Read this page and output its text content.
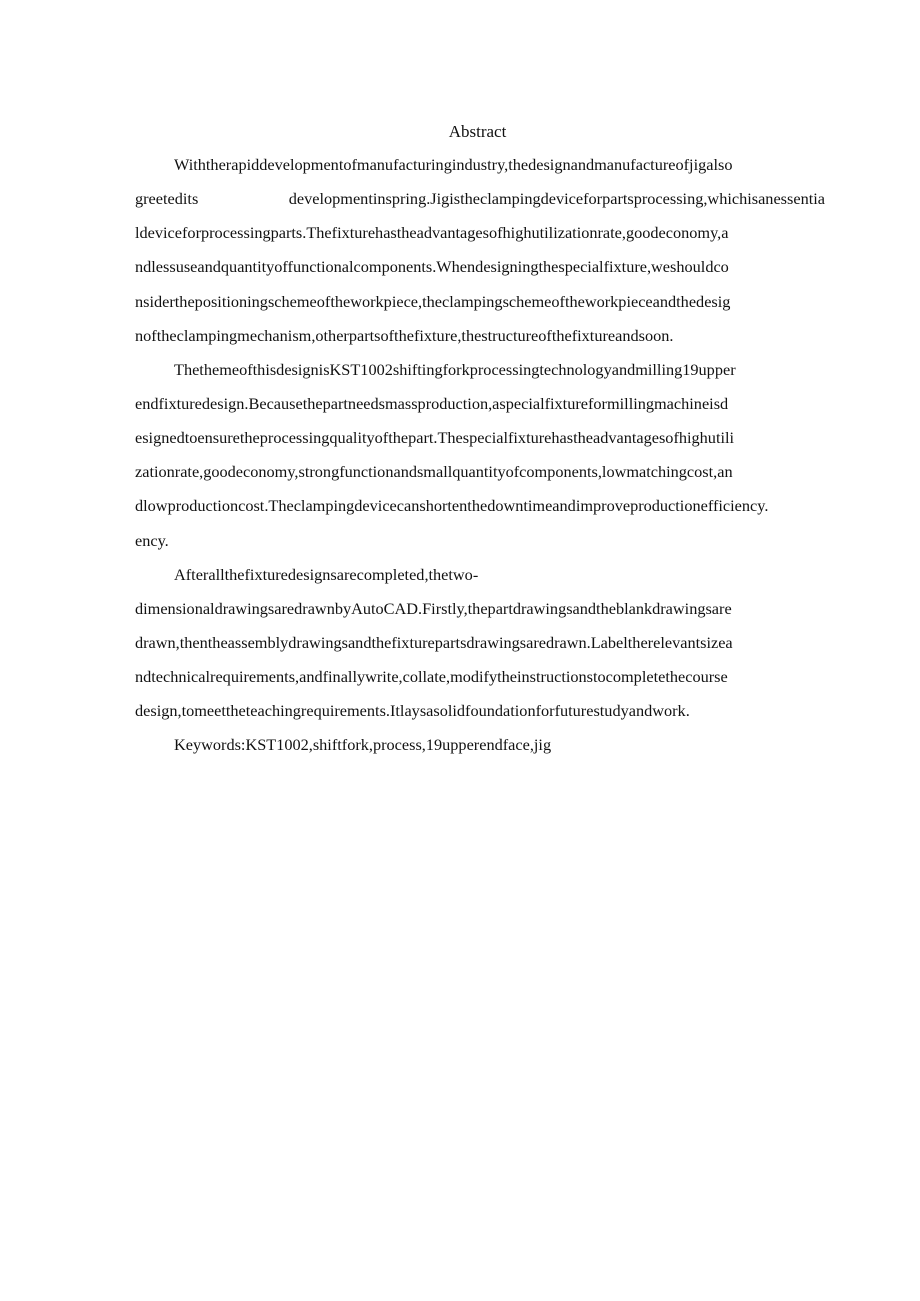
Abstract
Withtherapiddevelopmentofmanufacturingindustry,thedesignandmanufactureofjigalso
greetedits developmentinspring.Jigistheclampingdeviceforpartsprocessing,whichisanessentia
ldeviceforprocessingparts.Thefixturehastheadvantagesofhighutilizationrate,goodeconomy,a
ndlessuseandquantityoffunctionalcomponents.Whendesigningthespecialfixture,weshouldco
nsiderthepositioningschemeoftheworkpiece,theclampingschemeoftheworkpieceandthedesig
noftheclampingmechanism,otherpartsofthefixture,thestructureofthefixtureandsoon.
ThethemeofthisdesignisKST1002shiftingforkprocessingtechnologyandmilling19upper
endfixturedesign.Becausethepartneedsmassproduction,aspecialfixtureformillingmachineisd
esignedtoensuretheprocessingqualityofthepart.Thespecialfixturehastheadvantagesofhighutili
zationrate,goodeconomy,strongfunctionandsmallquantityofcomponents,lowmatchingcost,an
dlowproductioncost.Theclampingdevicecanshortenthedowntimeandimproveproductionefficiency.
ency.
Afterallthefixturedesignsarecompleted,thetwo-
dimensionaldrawingsaredrawnbyAutoCAD.Firstly,thepartdrawingsandtheblankdrawingsare
drawn,thentheassemblydrawingsandthefixturepartsdrawingsaredrawn.Labeltherelevantsizea
ndtechnicalrequirements,andfinallywrite,collate,modifytheinstructionstocompletethecourse
design,tomeettheteachingrequirements.Itlaysasolidfoundationforfuturestudyandwork.
Keywords:KST1002,shiftfork,process,19upperendface,jig
